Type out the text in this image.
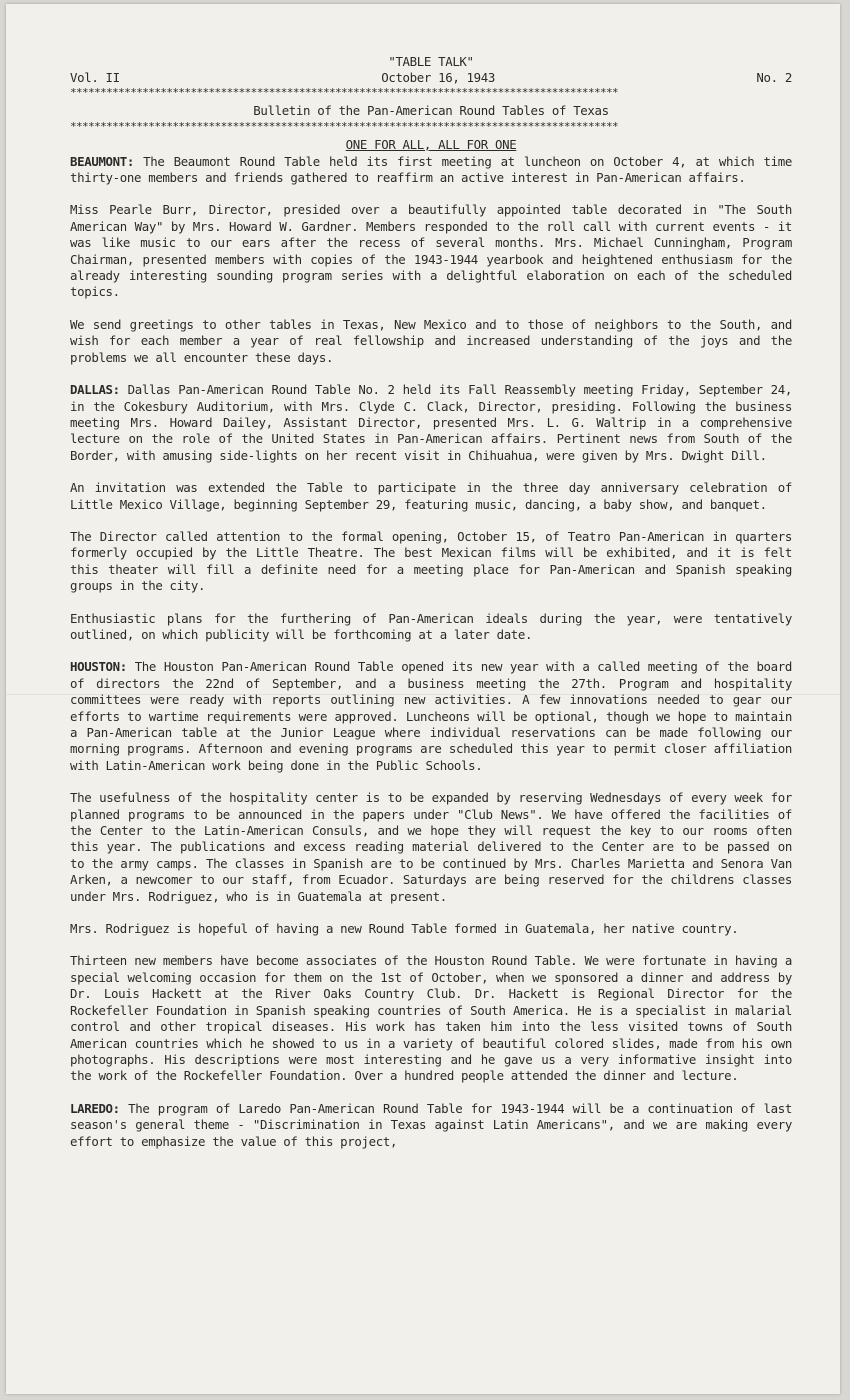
"TABLE TALK"
Vol. II	October 16, 1943	No. 2
*******************************************************************************************
Bulletin of the Pan-American Round Tables of Texas
*******************************************************************************************
ONE FOR ALL, ALL FOR ONE

BEAUMONT: The Beaumont Round Table held its first meeting at luncheon on October 4, at which time thirty-one members and friends gathered to reaffirm an active interest in Pan-American affairs.

Miss Pearle Burr, Director, presided over a beautifully appointed table decorated in "The South American Way" by Mrs. Howard W. Gardner. Members responded to the roll call with current events - it was like music to our ears after the recess of several months. Mrs. Michael Cunningham, Program Chairman, presented members with copies of the 1943-1944 yearbook and heightened enthusiasm for the already interesting sounding program series with a delightful elaboration on each of the scheduled topics.

We send greetings to other tables in Texas, New Mexico and to those of neighbors to the South, and wish for each member a year of real fellowship and increased understanding of the joys and the problems we all encounter these days.

DALLAS: Dallas Pan-American Round Table No. 2 held its Fall Reassembly meeting Friday, September 24, in the Cokesbury Auditorium, with Mrs. Clyde C. Clack, Director, presiding. Following the business meeting Mrs. Howard Dailey, Assistant Director, presented Mrs. L. G. Waltrip in a comprehensive lecture on the role of the United States in Pan-American affairs. Pertinent news from South of the Border, with amusing side-lights on her recent visit in Chihuahua, were given by Mrs. Dwight Dill.

An invitation was extended the Table to participate in the three day anniversary celebration of Little Mexico Village, beginning September 29, featuring music, dancing, a baby show, and banquet.

The Director called attention to the formal opening, October 15, of Teatro Pan-American in quarters formerly occupied by the Little Theatre. The best Mexican films will be exhibited, and it is felt this theater will fill a definite need for a meeting place for Pan-American and Spanish speaking groups in the city.

Enthusiastic plans for the furthering of Pan-American ideals during the year, were tentatively outlined, on which publicity will be forthcoming at a later date.

HOUSTON: The Houston Pan-American Round Table opened its new year with a called meeting of the board of directors the 22nd of September, and a business meeting the 27th. Program and hospitality committees were ready with reports outlining new activities. A few innovations needed to gear our efforts to wartime requirements were approved. Luncheons will be optional, though we hope to maintain a Pan-American table at the Junior League where individual reservations can be made following our morning programs. Afternoon and evening programs are scheduled this year to permit closer affiliation with Latin-American work being done in the Public Schools.

The usefulness of the hospitality center is to be expanded by reserving Wednesdays of every week for planned programs to be announced in the papers under "Club News". We have offered the facilities of the Center to the Latin-American Consuls, and we hope they will request the key to our rooms often this year. The publications and excess reading material delivered to the Center are to be passed on to the army camps. The classes in Spanish are to be continued by Mrs. Charles Marietta and Senora Van Arken, a newcomer to our staff, from Ecuador. Saturdays are being reserved for the childrens classes under Mrs. Rodriguez, who is in Guatemala at present.

Mrs. Rodriguez is hopeful of having a new Round Table formed in Guatemala, her native country.

Thirteen new members have become associates of the Houston Round Table. We were fortunate in having a special welcoming occasion for them on the 1st of October, when we sponsored a dinner and address by Dr. Louis Hackett at the River Oaks Country Club. Dr. Hackett is Regional Director for the Rockefeller Foundation in Spanish speaking countries of South America. He is a specialist in malarial control and other tropical diseases. His work has taken him into the less visited towns of South American countries which he showed to us in a variety of beautiful colored slides, made from his own photographs. His descriptions were most interesting and he gave us a very informative insight into the work of the Rockefeller Foundation. Over a hundred people attended the dinner and lecture.

LAREDO: The program of Laredo Pan-American Round Table for 1943-1944 will be a continuation of last season's general theme - "Discrimination in Texas against Latin Americans", and we are making every effort to emphasize the value of this project,
